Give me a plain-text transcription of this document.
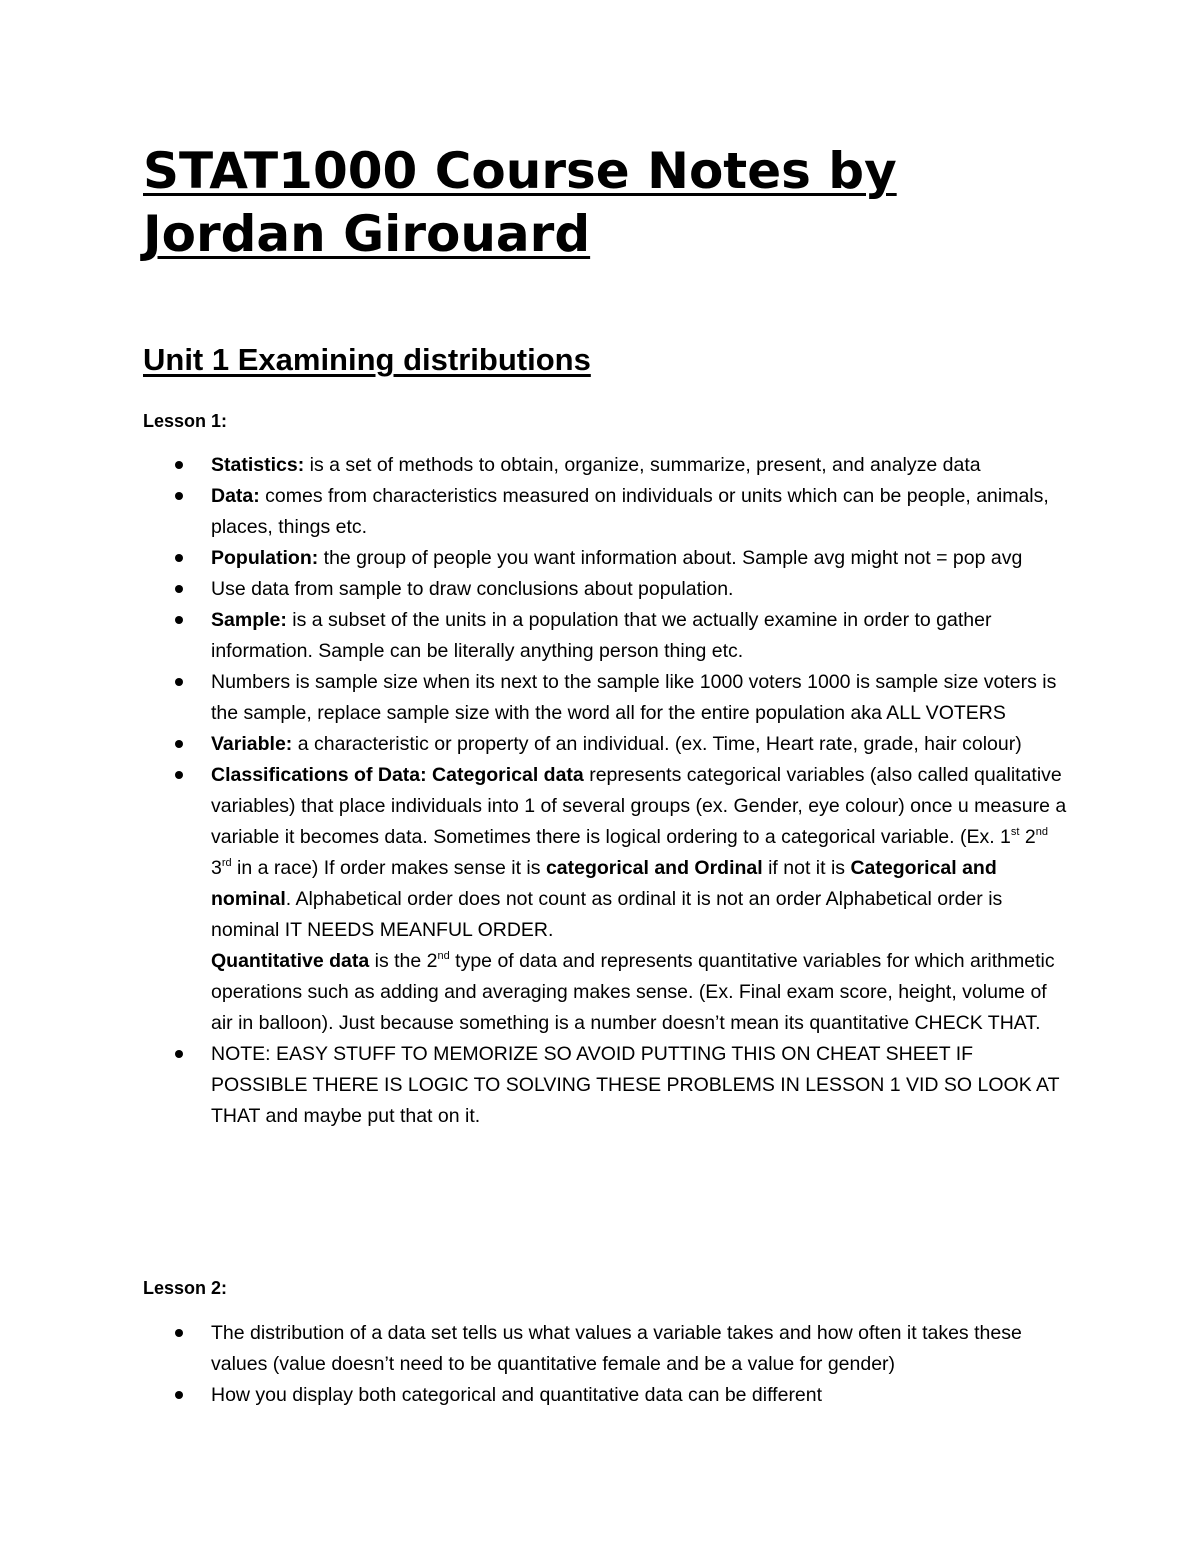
STAT1000 Course Notes by Jordan Girouard
Unit 1 Examining distributions
Lesson 1:
Statistics: is a set of methods to obtain, organize, summarize, present, and analyze data
Data: comes from characteristics measured on individuals or units which can be people, animals, places, things etc.
Population: the group of people you want information about. Sample avg might not = pop avg
Use data from sample to draw conclusions about population.
Sample: is a subset of the units in a population that we actually examine in order to gather information. Sample can be literally anything person thing etc.
Numbers is sample size when its next to the sample like 1000 voters 1000 is sample size voters is the sample, replace sample size with the word all for the entire population aka ALL VOTERS
Variable: a characteristic or property of an individual. (ex. Time, Heart rate, grade, hair colour)
Classifications of Data: Categorical data represents categorical variables (also called qualitative variables) that place individuals into 1 of several groups (ex. Gender, eye colour) once u measure a variable it becomes data. Sometimes there is logical ordering to a categorical variable. (Ex. 1st 2nd 3rd in a race) If order makes sense it is categorical and Ordinal if not it is Categorical and nominal. Alphabetical order does not count as ordinal it is not an order Alphabetical order is nominal IT NEEDS MEANFUL ORDER.
Quantitative data is the 2nd type of data and represents quantitative variables for which arithmetic operations such as adding and averaging makes sense. (Ex. Final exam score, height, volume of air in balloon). Just because something is a number doesn’t mean its quantitative CHECK THAT.
NOTE: EASY STUFF TO MEMORIZE SO AVOID PUTTING THIS ON CHEAT SHEET IF POSSIBLE THERE IS LOGIC TO SOLVING THESE PROBLEMS IN LESSON 1 VID SO LOOK AT THAT and maybe put that on it.
Lesson 2:
The distribution of a data set tells us what values a variable takes and how often it takes these values (value doesn’t need to be quantitative female and be a value for gender)
How you display both categorical and quantitative data can be different
